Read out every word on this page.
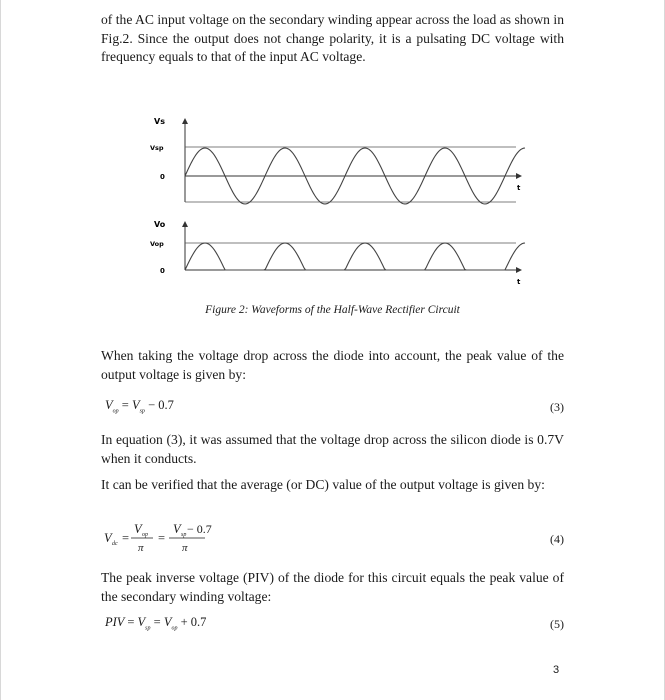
of the AC input voltage on the secondary winding appear across the load as shown in Fig.2. Since the output does not change polarity, it is a pulsating DC voltage with frequency equals to that of the input AC voltage.

Vs
Vsp
0
t
Vo
Vop
0
t
Figure 2: Waveforms of the Half-Wave Rectifier Circuit

When taking the voltage drop across the diode into account, the peak value of the output voltage is given by:

$V_{op} = V_{sp} - 0.7$	(3)

In equation (3), it was assumed that the voltage drop across the silicon diode is 0.7V when it conducts.

It can be verified that the average (or DC) value of the output voltage is given by:

V dc =
V op
π
=
V sp − 0.7
π
(4)

The peak inverse voltage (PIV) of the diode for this circuit equals the peak value of the secondary winding voltage:

PIV = $V_{sp} = V_{op} + 0.7$	(5)
3
